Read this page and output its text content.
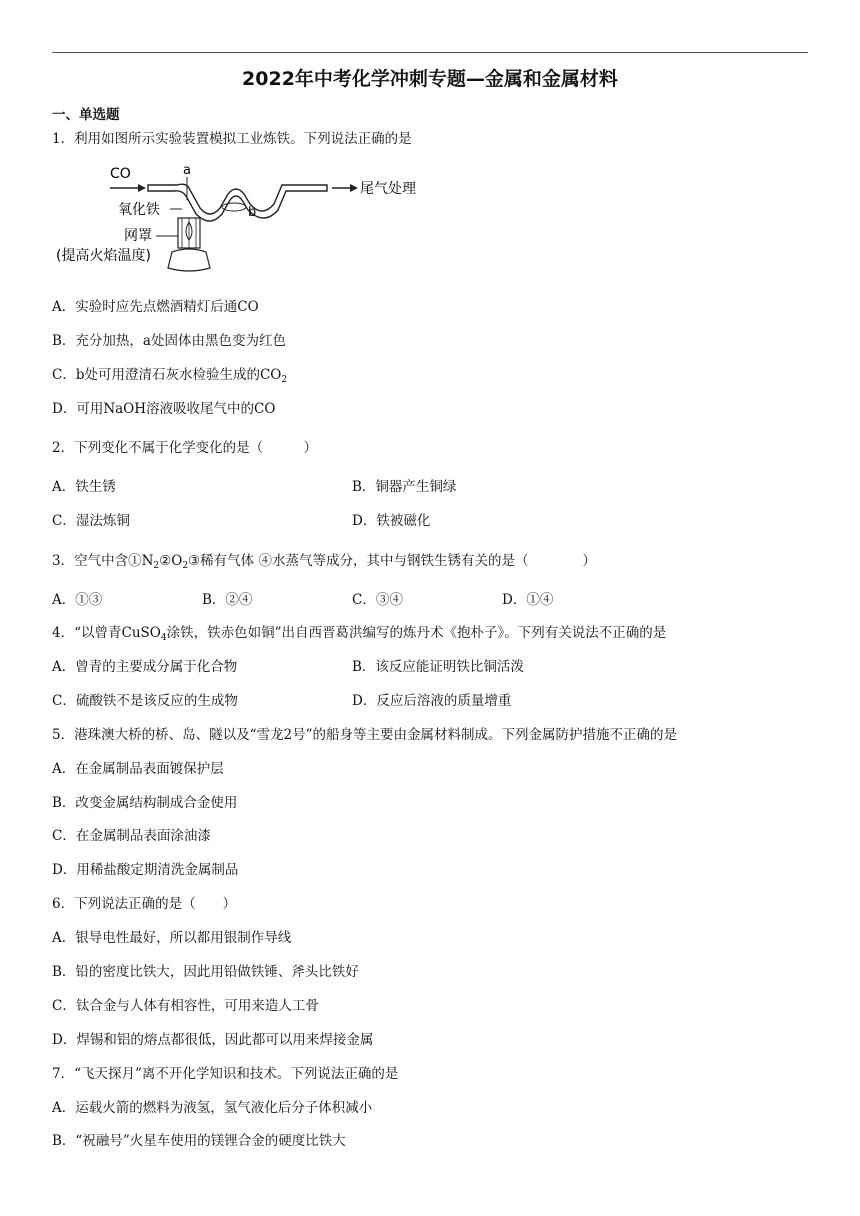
2022年中考化学冲刺专题—金属和金属材料
一、单选题
1．利用如图所示实验装置模拟工业炼铁。下列说法正确的是
CO	a
b
尾气处理
氧化铁
网罩
(提高火焰温度)
A．实验时应先点燃酒精灯后通CO
B．充分加热，a处固体由黑色变为红色
C．b处可用澄清石灰水检验生成的$CO_2$
D．可用NaOH溶液吸收尾气中的CO
2．下列变化不属于化学变化的是（　　　）
A．铁生锈	B．铜器产生铜绿
C．湿法炼铜	D．铁被磁化
3．空气中含$①N_2②O_2③$稀有气体 ④水蒸气等成分，其中与钢铁生锈有关的是（　　　　）
A．①③	B．②④	C．③④	D．①④
4．“以曾青CuSO$_4$涂铁，铁赤色如铜”出自西晋葛洪编写的炼丹术《抱朴子》。下列有关说法不正确的是
A．曾青的主要成分属于化合物	B．该反应能证明铁比铜活泼
C．硫酸铁不是该反应的生成物	D．反应后溶液的质量增重
5．港珠澳大桥的桥、岛、隧以及“雪龙2号”的船身等主要由金属材料制成。下列金属防护措施不正确的是
A．在金属制品表面镀保护层
B．改变金属结构制成合金使用
C．在金属制品表面涂油漆
D．用稀盐酸定期清洗金属制品
6．下列说法正确的是（　　）
A．银导电性最好，所以都用银制作导线
B．铅的密度比铁大，因此用铅做铁锤、斧头比铁好
C．钛合金与人体有相容性，可用来造人工骨
D．焊锡和铝的熔点都很低，因此都可以用来焊接金属
7．“飞天探月”离不开化学知识和技术。下列说法正确的是
A．运载火箭的燃料为液氢，氢气液化后分子体积减小
B．“祝融号”火星车使用的镁锂合金的硬度比铁大
